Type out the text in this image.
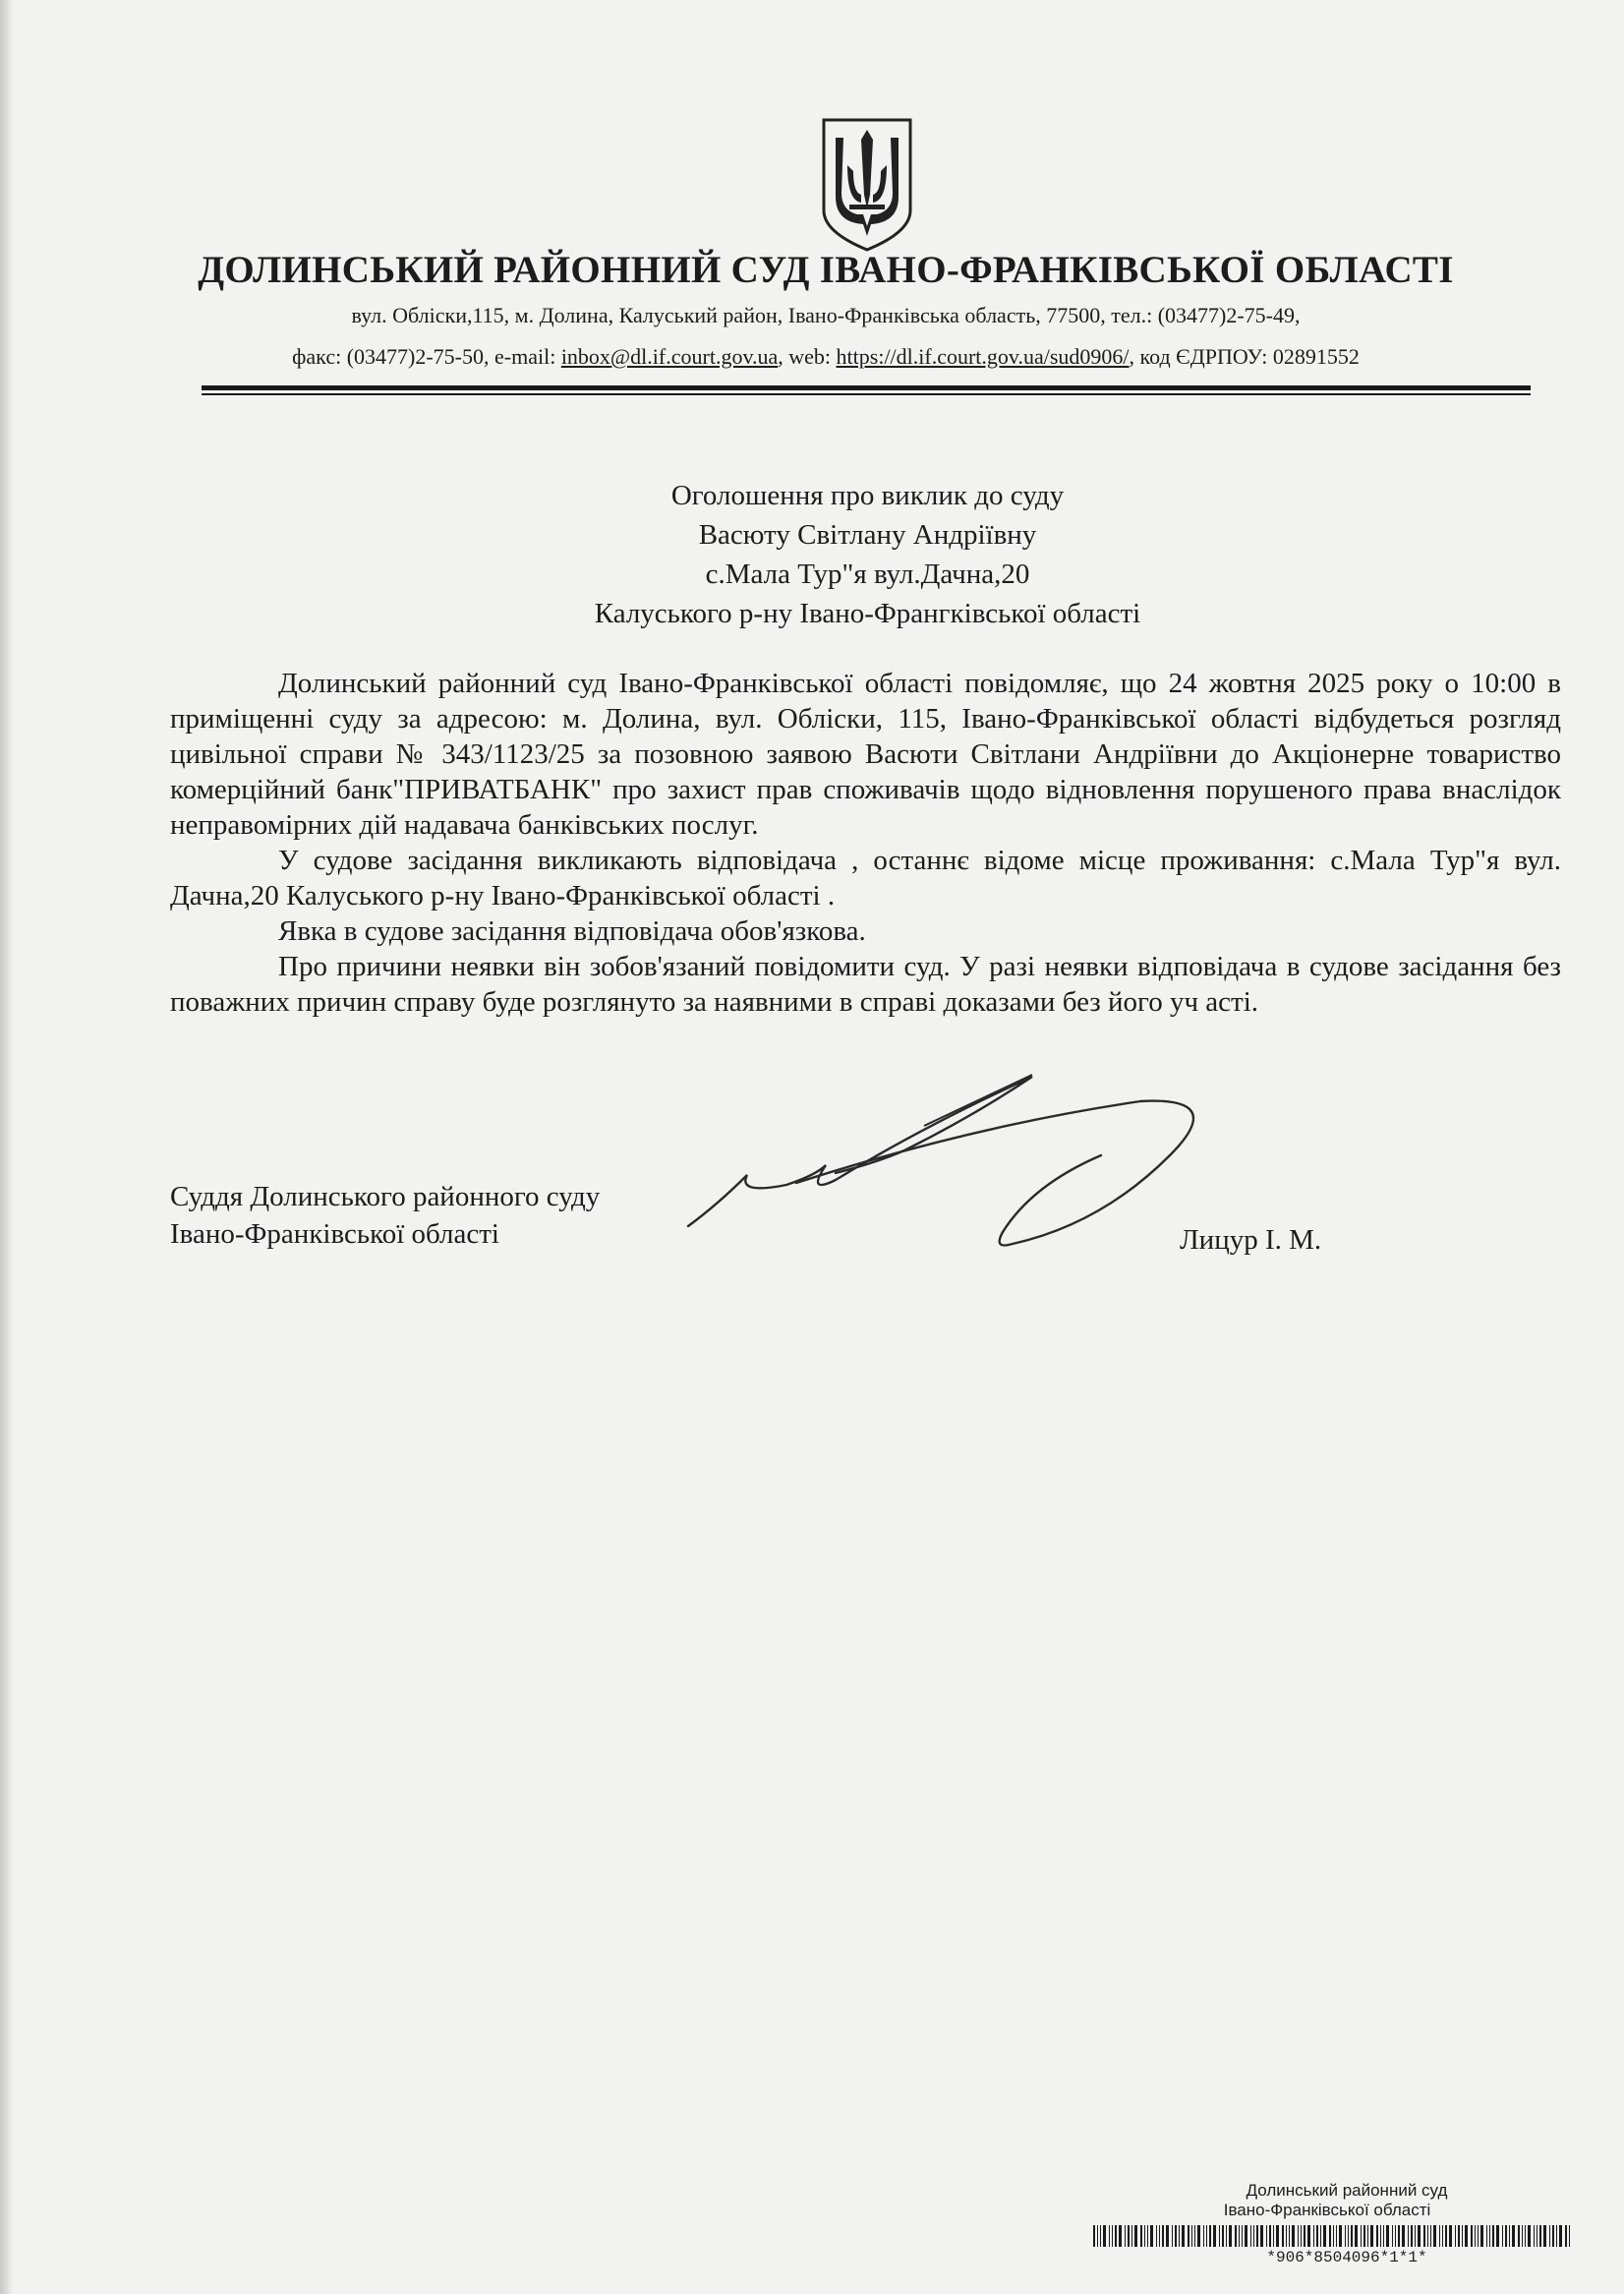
ДОЛИНСЬКИЙ РАЙОННИЙ СУД ІВАНО-ФРАНКІВСЬКОЇ ОБЛАСТІ
вул. Обліски,115, м. Долина, Калуський район, Івано-Франківська область, 77500, тел.: (03477)2-75-49,
факс: (03477)2-75-50, e-mail: inbox@dl.if.court.gov.ua, web: https://dl.if.court.gov.ua/sud0906/, код ЄДРПОУ: 02891552
Оголошення про виклик до суду
Васюту Світлану Андріївну
с.Мала Тур"я вул.Дачна,20
Калуського р-ну Івано-Франгківської області

Долинський районний суд Івано-Франківської області повідомляє, що 24 жовтня 2025 року о 10:00 в приміщенні суду за адресою: м. Долина, вул. Обліски, 115, Івано-Франківської області відбудеться розгляд цивільної справи № 343/1123/25 за позовною заявою Васюти Світлани Андріївни до Акціонерне товариство комерційний банк"ПРИВАТБАНК" про захист прав споживачів щодо відновлення порушеного права внаслідок неправомірних дій надавача банківських послуг.

У судове засідання викликають відповідача , останнє відоме місце проживання: с.Мала Тур"я вул. Дачна,20 Калуського р-ну Івано-Франківської області .

Явка в судове засідання відповідача обов'язкова.

Про причини неявки він зобов'язаний повідомити суд. У разі неявки відповідача в судове засідання без поважних причин справу буде розглянуто за наявними в справі доказами без його уч асті.

Суддя Долинського районного суду
Івано-Франківської області	Лицур І. М.
Долинський районний суд
Івано-Франківської області
*906*8504096*1*1*
